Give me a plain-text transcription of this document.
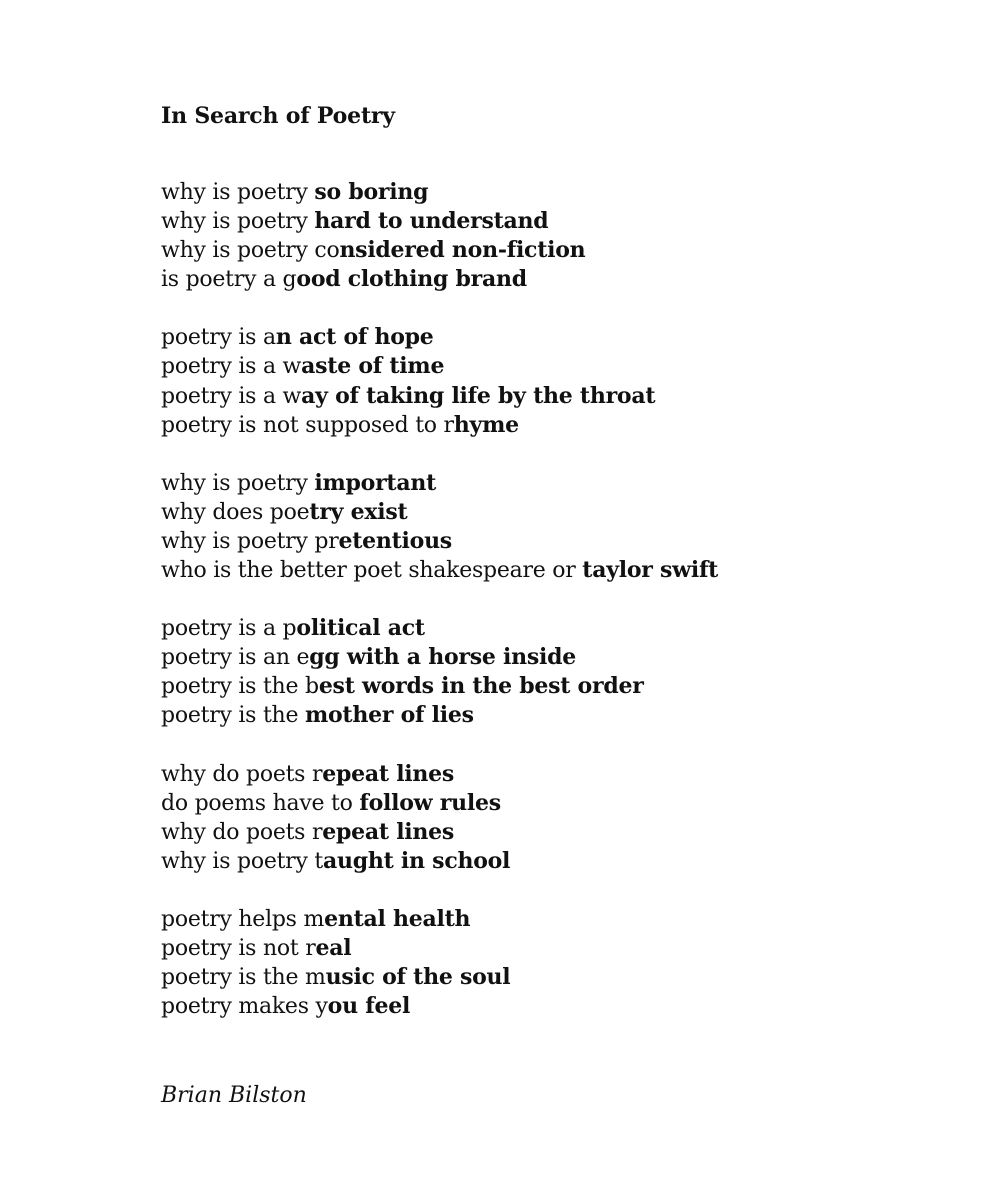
In Search of Poetry
why is poetry so boring
why is poetry hard to understand
why is poetry considered non-fiction
is poetry a good clothing brand
poetry is an act of hope
poetry is a waste of time
poetry is a way of taking life by the throat
poetry is not supposed to rhyme
why is poetry important
why does poetry exist
why is poetry pretentious
who is the better poet shakespeare or taylor swift
poetry is a political act
poetry is an egg with a horse inside
poetry is the best words in the best order
poetry is the mother of lies
why do poets repeat lines
do poems have to follow rules
why do poets repeat lines
why is poetry taught in school
poetry helps mental health
poetry is not real
poetry is the music of the soul
poetry makes you feel
Brian Bilston
